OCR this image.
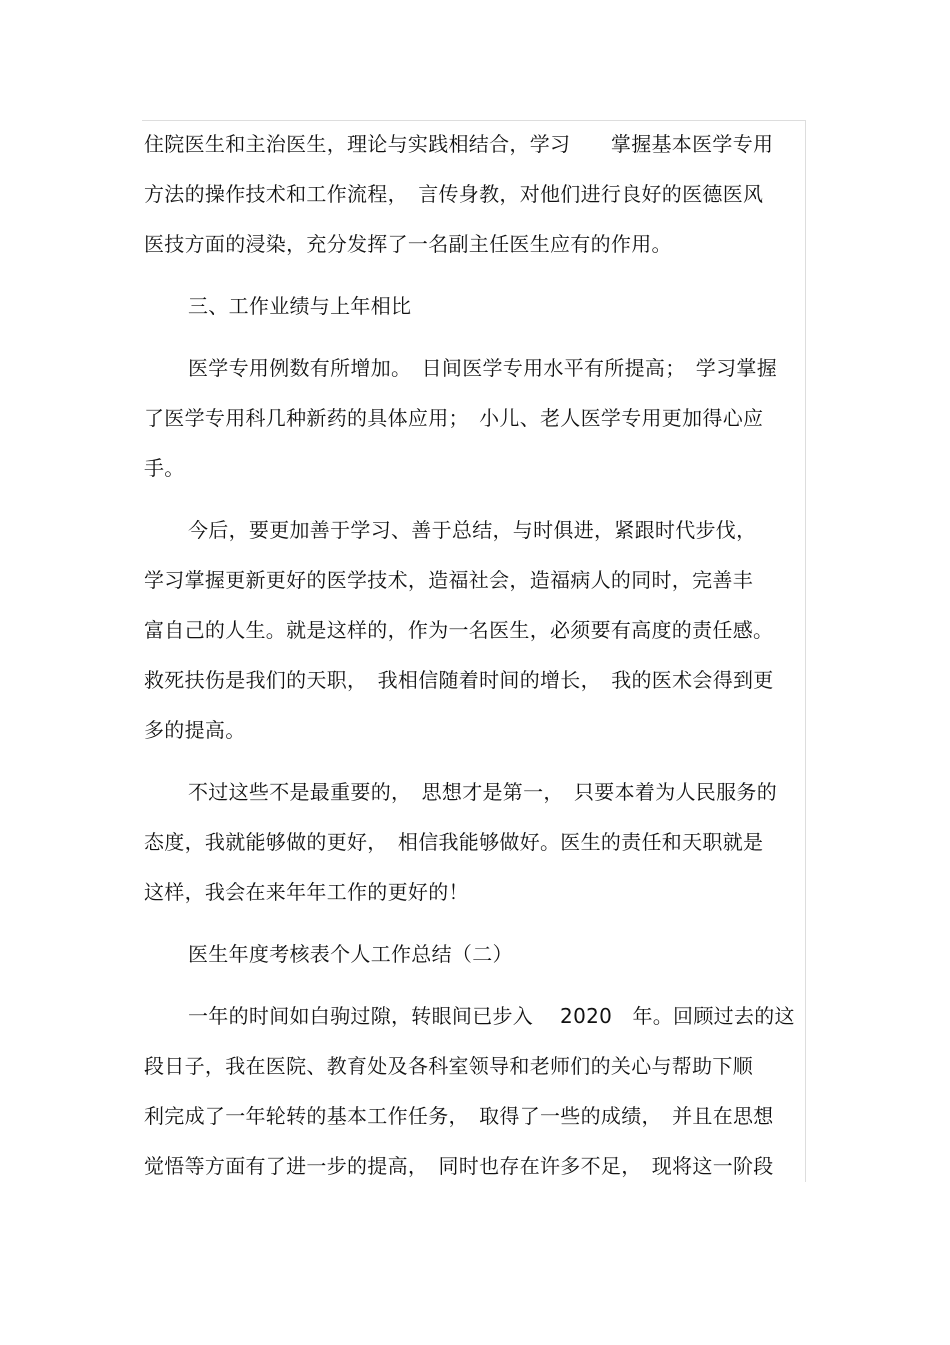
住院医生和主治医生，理论与实践相结合，学习　　掌握基本医学专用
方法的操作技术和工作流程，　言传身教，对他们进行良好的医德医风
医技方面的浸染，充分发挥了一名副主任医生应有的作用。
三、工作业绩与上年相比
医学专用例数有所增加。　日间医学专用水平有所提高；　学习掌握
了医学专用科几种新药的具体应用；　小儿、老人医学专用更加得心应
手。
今后，要更加善于学习、善于总结，与时俱进，紧跟时代步伐，
学习掌握更新更好的医学技术，造福社会，造福病人的同时，完善丰
富自己的人生。就是这样的，作为一名医生，必须要有高度的责任感。
救死扶伤是我们的天职，　我相信随着时间的增长，　我的医术会得到更
多的提高。
不过这些不是最重要的，　思想才是第一，　只要本着为人民服务的
态度，我就能够做的更好，　相信我能够做好。医生的责任和天职就是
这样，我会在来年年工作的更好的！
医生年度考核表个人工作总结（二）
一年的时间如白驹过隙，转眼间已步入　 2020　年。回顾过去的这
段日子，我在医院、教育处及各科室领导和老师们的关心与帮助下顺
利完成了一年轮转的基本工作任务，　取得了一些的成绩，　并且在思想
觉悟等方面有了进一步的提高，　同时也存在许多不足，　现将这一阶段
